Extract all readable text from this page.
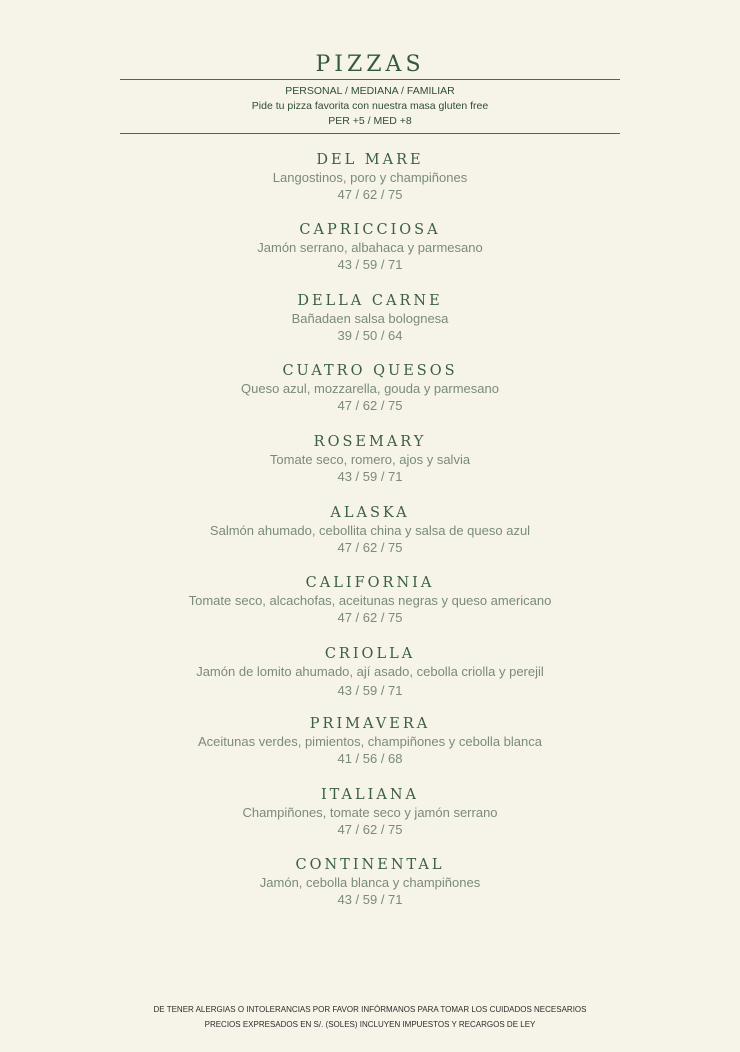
PIZZAS
PERSONAL / MEDIANA / FAMILIAR
Pide tu pizza favorita con nuestra masa gluten free
PER +5 / MED +8
DEL MARE
Langostinos, poro y champiñones
47 / 62 / 75
CAPRICCIOSA
Jamón serrano, albahaca y parmesano
43 / 59 / 71
DELLA CARNE
Bañadaen salsa bolognesa
39 / 50 / 64
CUATRO QUESOS
Queso azul, mozzarella, gouda y parmesano
47 / 62 / 75
ROSEMARY
Tomate seco, romero, ajos y salvia
43 / 59 / 71
ALASKA
Salmón ahumado, cebollita china y salsa de queso azul
47 / 62 / 75
CALIFORNIA
Tomate seco, alcachofas, aceitunas negras y queso americano
47 / 62 / 75
CRIOLLA
Jamón de lomito ahumado, ají asado, cebolla criolla y perejil
43 / 59 / 71
PRIMAVERA
Aceitunas verdes, pimientos, champiñones y cebolla blanca
41 / 56 / 68
ITALIANA
Champiñones, tomate seco y jamón serrano
47 / 62 / 75
CONTINENTAL
Jamón, cebolla blanca y champiñones
43 / 59 / 71
DE TENER ALERGIAS O INTOLERANCIAS POR FAVOR INFÓRMANOS PARA TOMAR LOS CUIDADOS NECESARIOS
PRECIOS EXPRESADOS EN S/. (SOLES) INCLUYEN IMPUESTOS Y RECARGOS DE LEY
